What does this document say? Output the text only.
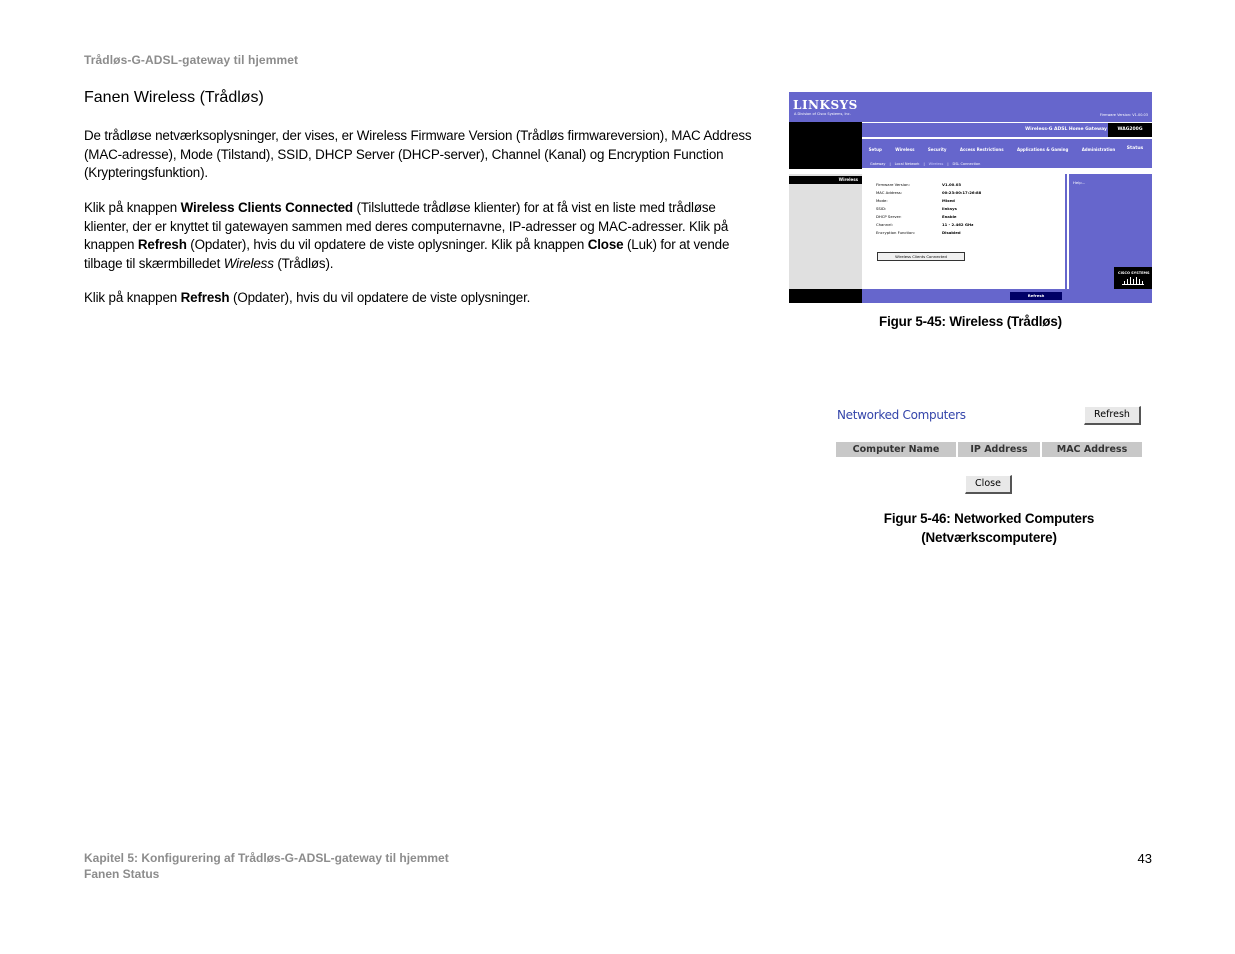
Trådløs-G-ADSL-gateway til hjemmet
Fanen Wireless (Trådløs)

De trådløse netværksoplysninger, der vises, er Wireless Firmware Version (Trådløs firmwareversion), MAC Address (MAC-adresse), Mode (Tilstand), SSID, DHCP Server (DHCP-server), Channel (Kanal) og Encryption Function (Krypteringsfunktion).

Klik på knappen Wireless Clients Connected (Tilsluttede trådløse klienter) for at få vist en liste med trådløse klienter, der er knyttet til gatewayen sammen med deres computernavne, IP-adresser og MAC-adresser. Klik på knappen Refresh (Opdater), hvis du vil opdatere de viste oplysninger. Klik på knappen Close (Luk) for at vende tilbage til skærmbilledet Wireless (Trådløs).

Klik på knappen Refresh (Opdater), hvis du vil opdatere de viste oplysninger.

LINKSYS
A Division of Cisco Systems, Inc.	Firmware Version: V1.00.03
Wireless-G ADSL Home Gateway	WAG200G
Setup	Wireless	Security	Access Restrictions	Applications & Gaming	Administration	Status
Gateway | Local Network | Wireless | DSL Connection
Wireless
Firmware Version:	V1.00.03
MAC Address:	00:23:00:17:26:88
Mode:	Mixed
SSID:	linksys
DHCP Server:	Enable
Channel:	11 - 2.462 GHz
Encryption Function:	Disabled
Wireless Clients Connected
Help...
CISCO SYSTEMS
Refresh
Figur 5-45: Wireless (Trådløs)
Networked Computers	Refresh
Computer Name	IP Address	MAC Address
Close
Figur 5-46: Networked Computers
(Netværkscomputere)
Kapitel 5: Konfigurering af Trådløs-G-ADSL-gateway til hjemmet
Fanen Status
43
